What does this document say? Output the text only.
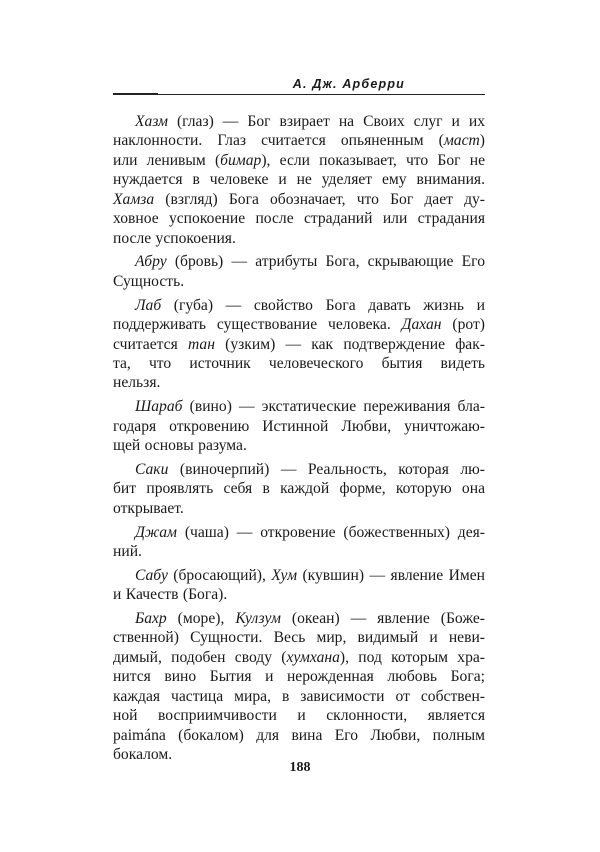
А. Дж. Арберри
Хазм (глаз) — Бог взирает на Своих слуг и их
наклонности. Глаз считается опьяненным (маст)
или ленивым (бимар), если показывает, что Бог не
нуждается в человеке и не уделяет ему внимания.
Хамза (взгляд) Бога обозначает, что Бог дает ду-
ховное успокоение после страданий или страдания
после успокоения.
Абру (бровь) — атрибуты Бога, скрывающие Его
Сущность.
Лаб (губа) — свойство Бога давать жизнь и
поддерживать существование человека. Дахан (рот)
считается тан (узким) — как подтверждение фак-
та, что источник человеческого бытия видеть
нельзя.
Шараб (вино) — экстатические переживания бла-
годаря откровению Истинной Любви, уничтожаю-
щей основы разума.
Саки (виночерпий) — Реальность, которая лю-
бит проявлять себя в каждой форме, которую она
открывает.
Джам (чаша) — откровение (божественных) дея-
ний.
Сабу (бросающий), Хум (кувшин) — явление Имен
и Качеств (Бога).
Бахр (море), Кулзум (океан) — явление (Боже-
ственной) Сущности. Весь мир, видимый и неви-
димый, подобен своду (хумхана), под которым хра-
нится вино Бытия и нерожденная любовь Бога;
каждая частица мира, в зависимости от собствен-
ной восприимчивости и склонности, является
paimána (бокалом) для вина Его Любви, полным
бокалом.
188
